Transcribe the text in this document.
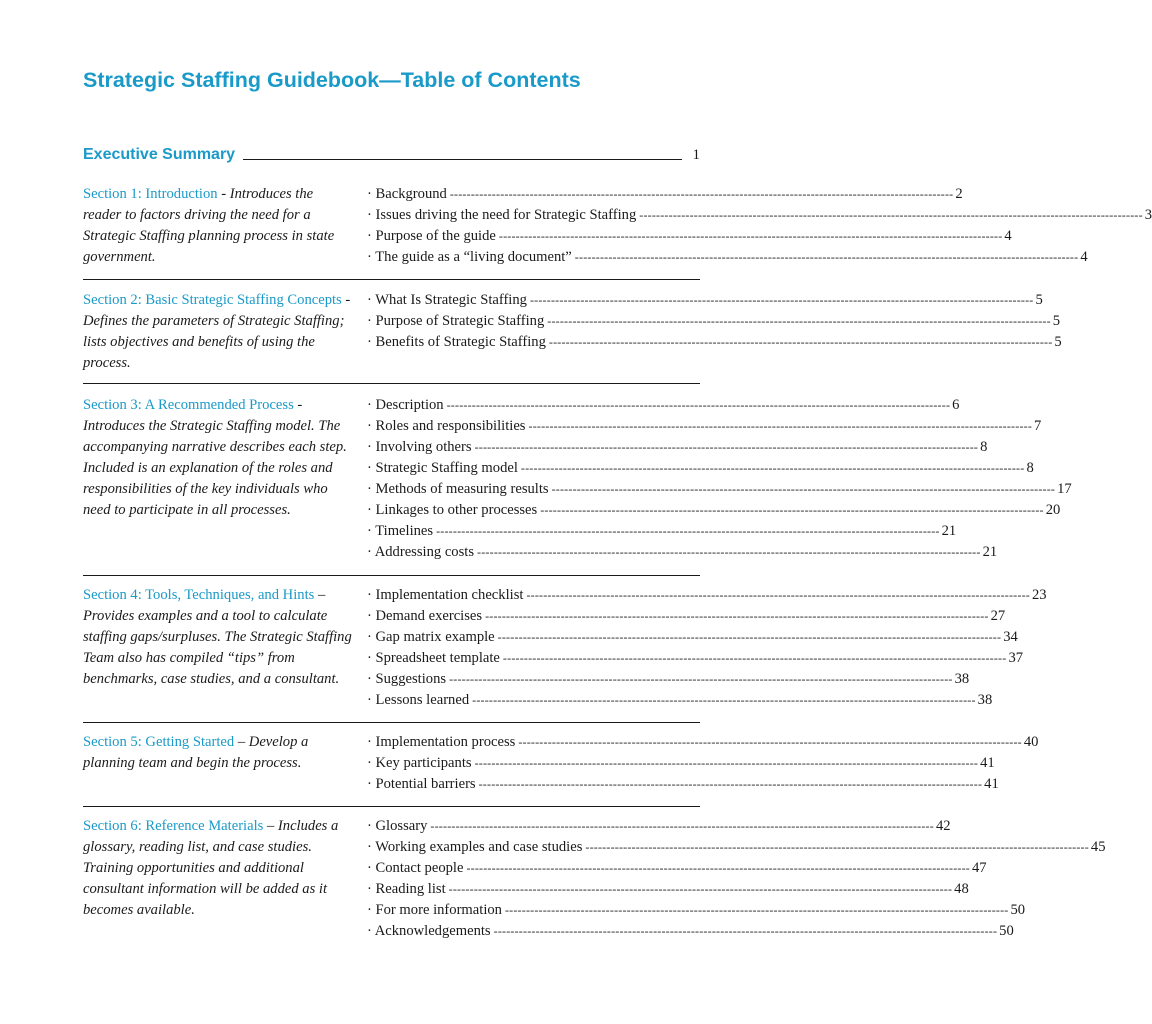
Strategic Staffing Guidebook—Table of Contents
Executive Summary	1
Section 1: Introduction - Introduces the reader to factors driving the need for a Strategic Staffing planning process in state government.
· Background ------------------------------------------------------------------------------------------------------------------------ 2
· Issues driving the need for Strategic Staffing ------------------------------------------------------------------------------------------------------------------------ 3
· Purpose of the guide ------------------------------------------------------------------------------------------------------------------------ 4
· The guide as a “living document” ------------------------------------------------------------------------------------------------------------------------ 4
Section 2: Basic Strategic Staffing Concepts - Defines the parameters of Strategic Staffing; lists objectives and benefits of using the process.
· What Is Strategic Staffing ------------------------------------------------------------------------------------------------------------------------ 5
· Purpose of Strategic Staffing ------------------------------------------------------------------------------------------------------------------------ 5
· Benefits of Strategic Staffing ------------------------------------------------------------------------------------------------------------------------ 5
Section 3: A Recommended Process - Introduces the Strategic Staffing model. The accompanying narrative describes each step. Included is an explanation of the roles and responsibilities of the key individuals who need to participate in all processes.
· Description ------------------------------------------------------------------------------------------------------------------------ 6
· Roles and responsibilities ------------------------------------------------------------------------------------------------------------------------ 7
· Involving others ------------------------------------------------------------------------------------------------------------------------ 8
· Strategic Staffing model ------------------------------------------------------------------------------------------------------------------------ 8
· Methods of measuring results ------------------------------------------------------------------------------------------------------------------------ 17
· Linkages to other processes ------------------------------------------------------------------------------------------------------------------------ 20
· Timelines ------------------------------------------------------------------------------------------------------------------------ 21
· Addressing costs ------------------------------------------------------------------------------------------------------------------------ 21
Section 4: Tools, Techniques, and Hints – Provides examples and a tool to calculate staffing gaps/surpluses. The Strategic Staffing Team also has compiled “tips” from benchmarks, case studies, and a consultant.
· Implementation checklist ------------------------------------------------------------------------------------------------------------------------ 23
· Demand exercises ------------------------------------------------------------------------------------------------------------------------ 27
· Gap matrix example ------------------------------------------------------------------------------------------------------------------------ 34
· Spreadsheet template ------------------------------------------------------------------------------------------------------------------------ 37
· Suggestions ------------------------------------------------------------------------------------------------------------------------ 38
· Lessons learned ------------------------------------------------------------------------------------------------------------------------ 38
Section 5: Getting Started – Develop a planning team and begin the process.
· Implementation process ------------------------------------------------------------------------------------------------------------------------ 40
· Key participants ------------------------------------------------------------------------------------------------------------------------ 41
· Potential barriers ------------------------------------------------------------------------------------------------------------------------ 41
Section 6: Reference Materials – Includes a glossary, reading list, and case studies. Training opportunities and additional consultant information will be added as it becomes available.
· Glossary ------------------------------------------------------------------------------------------------------------------------ 42
· Working examples and case studies ------------------------------------------------------------------------------------------------------------------------ 45
· Contact people ------------------------------------------------------------------------------------------------------------------------ 47
· Reading list ------------------------------------------------------------------------------------------------------------------------ 48
· For more information ------------------------------------------------------------------------------------------------------------------------ 50
· Acknowledgements ------------------------------------------------------------------------------------------------------------------------ 50
